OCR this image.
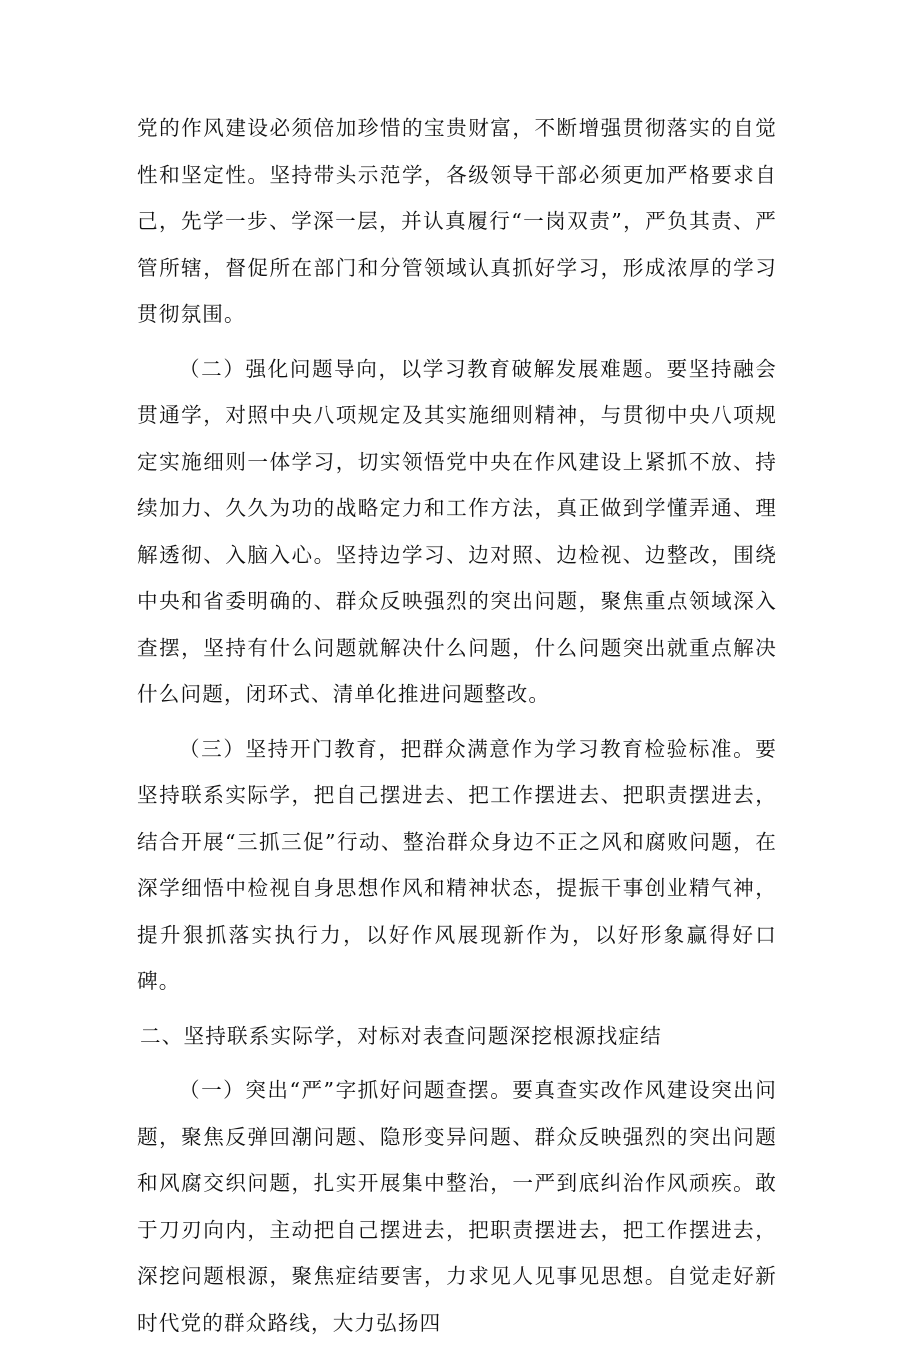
党的作风建设必须倍加珍惜的宝贵财富，不断增强贯彻落实的自觉性和坚定性。坚持带头示范学，各级领导干部必须更加严格要求自己，先学一步、学深一层，并认真履行“一岗双责”，严负其责、严管所辖，督促所在部门和分管领域认真抓好学习，形成浓厚的学习贯彻氛围。

（二）强化问题导向，以学习教育破解发展难题。要坚持融会贯通学，对照中央八项规定及其实施细则精神，与贯彻中央八项规定实施细则一体学习，切实领悟党中央在作风建设上紧抓不放、持续加力、久久为功的战略定力和工作方法，真正做到学懂弄通、理解透彻、入脑入心。坚持边学习、边对照、边检视、边整改，围绕中央和省委明确的、群众反映强烈的突出问题，聚焦重点领域深入查摆，坚持有什么问题就解决什么问题，什么问题突出就重点解决什么问题，闭环式、清单化推进问题整改。

（三）坚持开门教育，把群众满意作为学习教育检验标准。要坚持联系实际学，把自己摆进去、把工作摆进去、把职责摆进去，结合开展“三抓三促”行动、整治群众身边不正之风和腐败问题，在深学细悟中检视自身思想作风和精神状态，提振干事创业精气神，提升狠抓落实执行力，以好作风展现新作为，以好形象赢得好口碑。

二、坚持联系实际学，对标对表查问题深挖根源找症结

（一）突出“严”字抓好问题查摆。要真查实改作风建设突出问题，聚焦反弹回潮问题、隐形变异问题、群众反映强烈的突出问题和风腐交织问题，扎实开展集中整治，一严到底纠治作风顽疾。敢于刀刃向内，主动把自己摆进去，把职责摆进去，把工作摆进去，深挖问题根源，聚焦症结要害，力求见人见事见思想。自觉走好新时代党的群众路线，大力弘扬四
